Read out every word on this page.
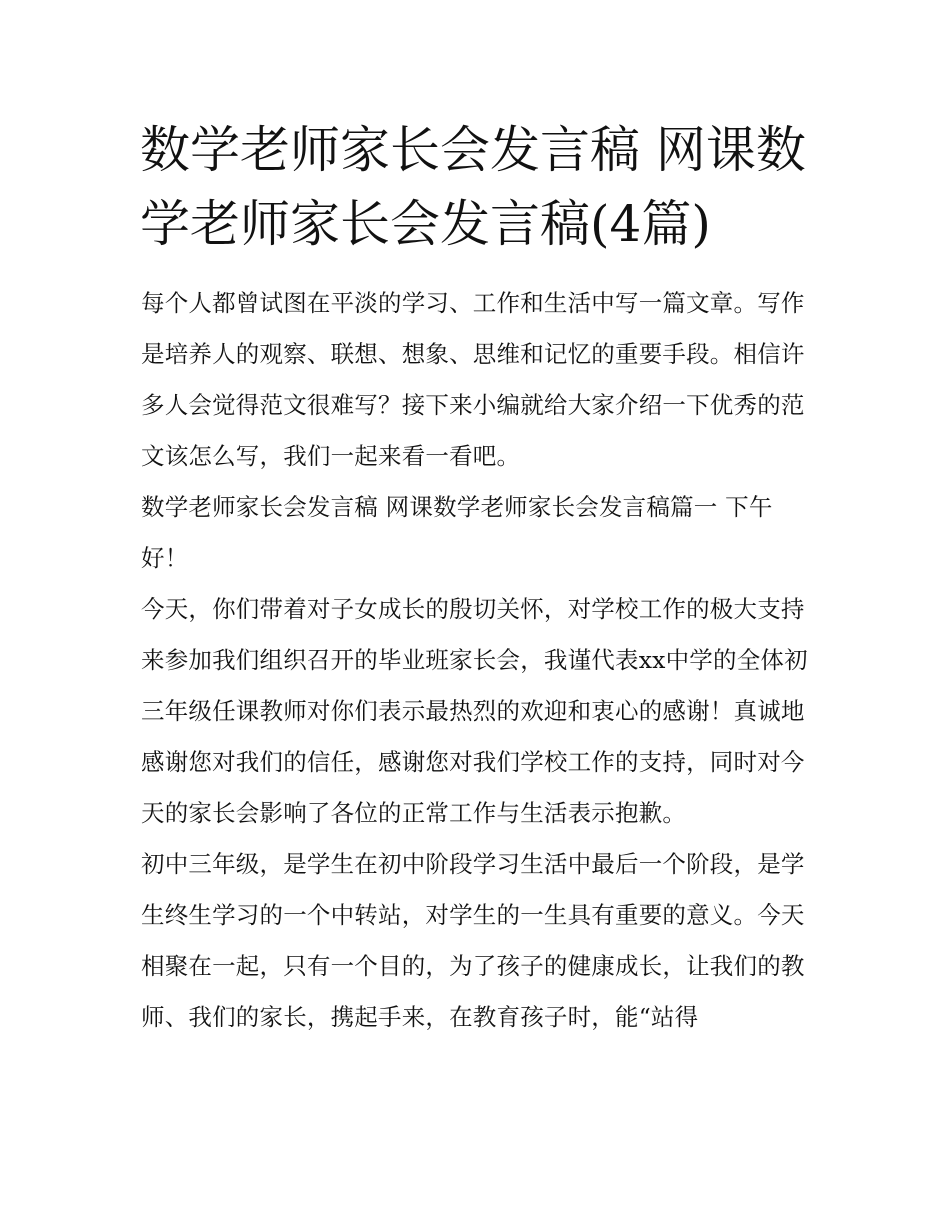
数学老师家长会发言稿 网课数学老师家长会发言稿(4篇)

每个人都曾试图在平淡的学习、工作和生活中写一篇文章。写作是培养人的观察、联想、想象、思维和记忆的重要手段。相信许多人会觉得范文很难写？接下来小编就给大家介绍一下优秀的范文该怎么写，我们一起来看一看吧。

数学老师家长会发言稿 网课数学老师家长会发言稿篇一 下午好！

今天，你们带着对子女成长的殷切关怀，对学校工作的极大支持来参加我们组织召开的毕业班家长会，我谨代表xx中学的全体初三年级任课教师对你们表示最热烈的欢迎和衷心的感谢！真诚地感谢您对我们的信任，感谢您对我们学校工作的支持，同时对今天的家长会影响了各位的正常工作与生活表示抱歉。

初中三年级，是学生在初中阶段学习生活中最后一个阶段，是学生终生学习的一个中转站，对学生的一生具有重要的意义。今天相聚在一起，只有一个目的，为了孩子的健康成长，让我们的教师、我们的家长，携起手来，在教育孩子时，能“站得
